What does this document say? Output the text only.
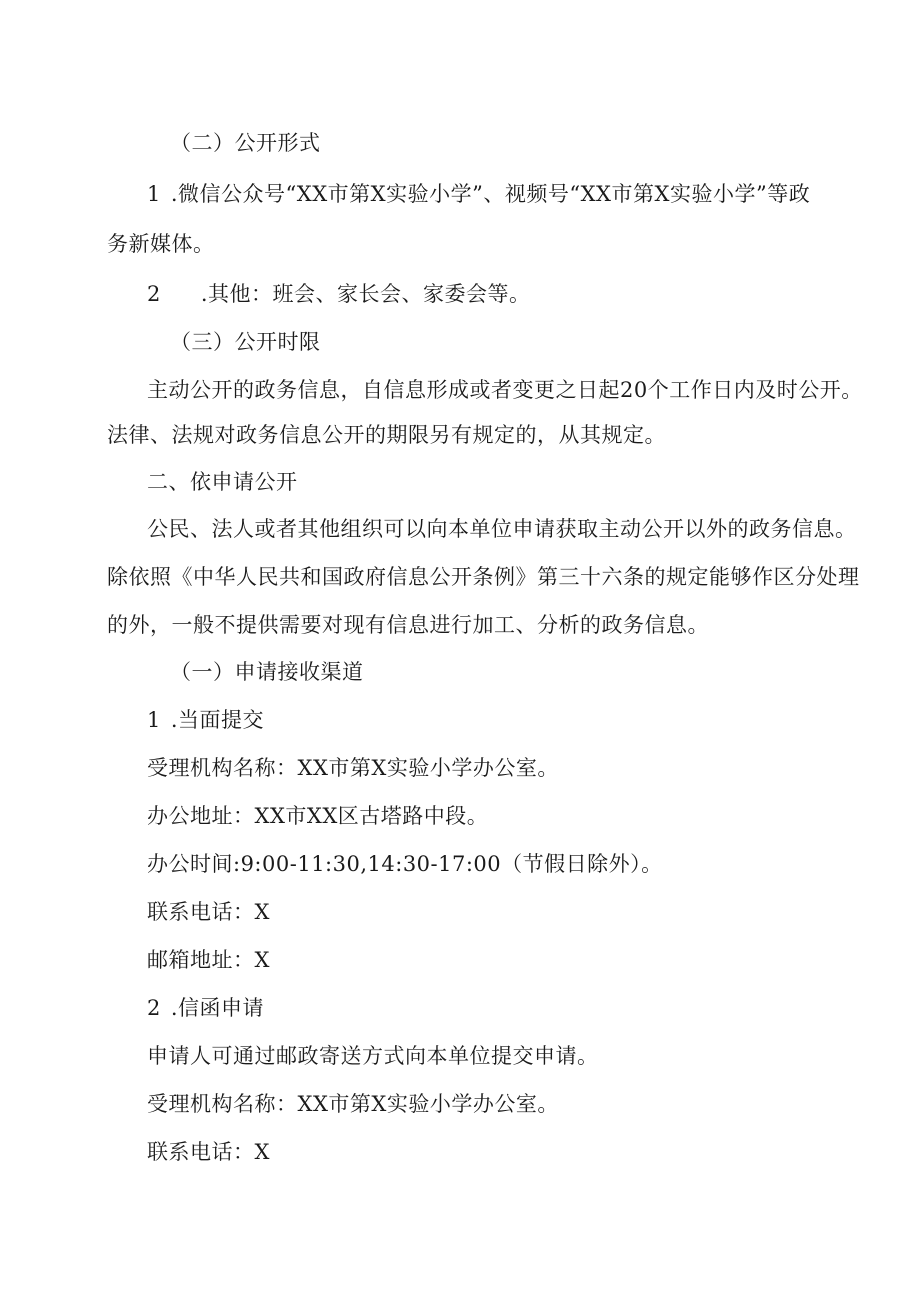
（二）公开形式
1 .微信公众号“XX市第X实验小学”、视频号“XX市第X实验小学”等政
务新媒体。
2 .其他：班会、家长会、家委会等。
（三）公开时限
主动公开的政务信息，自信息形成或者变更之日起20个工作日内及时公开。
法律、法规对政务信息公开的期限另有规定的，从其规定。
二、依申请公开
公民、法人或者其他组织可以向本单位申请获取主动公开以外的政务信息。
除依照《中华人民共和国政府信息公开条例》第三十六条的规定能够作区分处理
的外，一般不提供需要对现有信息进行加工、分析的政务信息。
（一）申请接收渠道
1 .当面提交
受理机构名称：XX市第X实验小学办公室。
办公地址：XX市XX区古塔路中段。
办公时间:9:00-11:30,14:30-17:00（节假日除外）。
联系电话：X
邮箱地址：X
2 .信函申请
申请人可通过邮政寄送方式向本单位提交申请。
受理机构名称：XX市第X实验小学办公室。
联系电话：X
